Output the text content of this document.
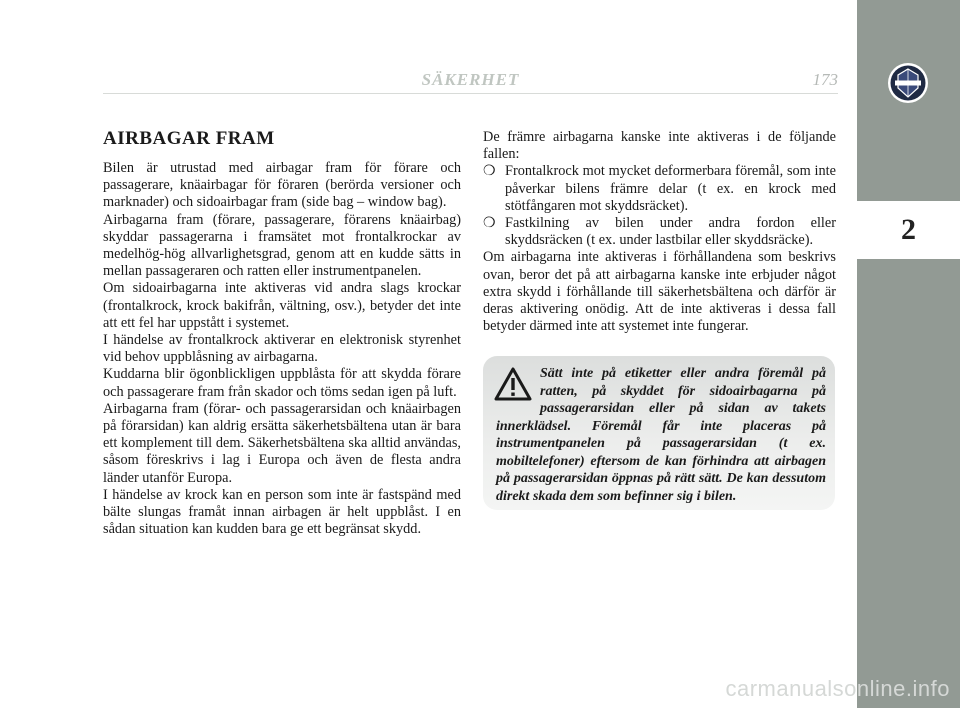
2
SÄKERHET	173
AIRBAGAR FRAM

Bilen är utrustad med airbagar fram för förare och passagerare, knäairbagar för föraren (berörda versioner och marknader) och sidoairbagar fram (side bag – window bag).

Airbagarna fram (förare, passagerare, förarens knäairbag) skyddar passagerarna i framsätet mot frontalkrockar av medelhög-hög allvarlighetsgrad, genom att en kudde sätts in mellan passageraren och ratten eller instrumentpanelen.

Om sidoairbagarna inte aktiveras vid andra slags krockar (frontalkrock, krock bakifrån, vältning, osv.), betyder det inte att ett fel har uppstått i systemet.

I händelse av frontalkrock aktiverar en elektronisk styrenhet vid behov uppblåsning av airbagarna.

Kuddarna blir ögonblickligen uppblåsta för att skydda förare och passagerare fram från skador och töms sedan igen på luft.

Airbagarna fram (förar- och passagerarsidan och knäairbagen på förarsidan) kan aldrig ersätta säkerhetsbältena utan är bara ett komplement till dem. Säkerhetsbältena ska alltid användas, såsom föreskrivs i lag i Europa och även de flesta andra länder utanför Europa.

I händelse av krock kan en person som inte är fastspänd med bälte slungas framåt innan airbagen är helt uppblåst. I en sådan situation kan kudden bara ge ett begränsat skydd.

De främre airbagarna kanske inte aktiveras i de följande fallen:

❍ Frontalkrock mot mycket deformerbara föremål, som inte påverkar bilens främre delar (t ex. en krock med stötfångaren mot skyddsräcket).
❍ Fastkilning av bilen under andra fordon eller skyddsräcken (t ex. under lastbilar eller skyddsräcke).

Om airbagarna inte aktiveras i förhållandena som beskrivs ovan, beror det på att airbagarna kanske inte erbjuder något extra skydd i förhållande till säkerhetsbältena och därför är deras aktivering onödig. Att de inte aktiveras i dessa fall betyder därmed inte att systemet inte fungerar.

Sätt inte på etiketter eller andra föremål på ratten, på skyddet för sidoairbagarna på passagerarsidan eller på sidan av takets innerklädsel. Föremål får inte placeras på instrumentpanelen på passagerarsidan (t ex. mobiltelefoner) eftersom de kan förhindra att airbagen på passagerarsidan öppnas på rätt sätt. De kan dessutom direkt skada dem som befinner sig i bilen.
carmanualsonline.info
